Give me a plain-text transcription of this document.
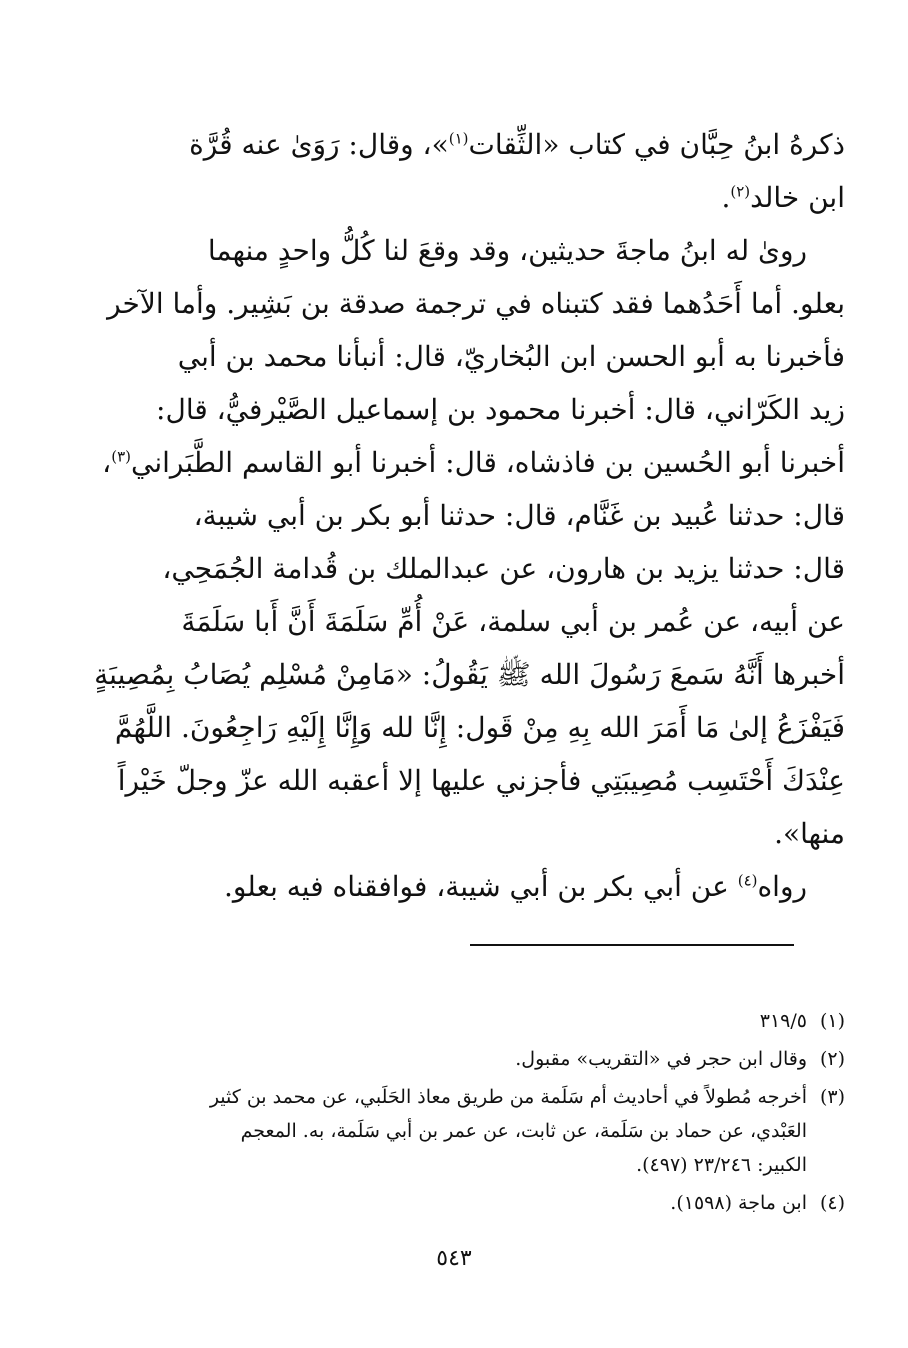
ذكرهُ ابنُ حِبَّان في كتاب «الثِّقات$^{(١)}$»، وقال: رَوَىٰ عنه قُرَّة
ابن خالد$^{(٢)}$.
روىٰ له ابنُ ماجةَ حديثين، وقد وقعَ لنا كُلُّ واحدٍ منهما
بعلو. أما أَحَدُهما فقد كتبناه في ترجمة صدقة بن بَشِير. وأما الآخر
فأخبرنا به أبو الحسن ابن البُخاريّ، قال: أنبأنا محمد بن أبي
زيد الكَرّاني، قال: أخبرنا محمود بن إسماعيل الصَّيْرفيُّ، قال:
أخبرنا أبو الحُسين بن فاذشاه، قال: أخبرنا أبو القاسم الطَّبَراني$^{(٣)}$،
قال: حدثنا عُبيد بن غَنَّام، قال: حدثنا أبو بكر بن أبي شيبة،
قال: حدثنا يزيد بن هارون، عن عبدالملك بن قُدامة الجُمَحِي،
عن أبيه، عن عُمر بن أبي سلمة، عَنْ أُمِّ سَلَمَةَ أَنَّ أَبا سَلَمَةَ
أخبرها أَنَّهُ سَمعَ رَسُولَ الله ﷺ يَقُولُ: «مَامِنْ مُسْلِم يُصَابُ بِمُصِيبَةٍ
فَيَفْزَعُ إلىٰ مَا أَمَرَ الله بِهِ مِنْ قَول: إِنَّا لله وَإِنَّا إِلَيْهِ رَاجِعُونَ. اللَّهُمَّ
عِنْدَكَ أَحْتَسِب مُصِيبَتِي فأجزني عليها إلا أعقبه الله عزّ وجلّ خَيْراً
منها».
رواه$^{(٤)}$ عن أبي بكر بن أبي شيبة، فوافقناه فيه بعلو.
(١)
٣١٩/٥
(٢)
وقال ابن حجر في «التقريب» مقبول.
(٣)
أخرجه مُطولاً في أحاديث أم سَلَمة من طريق معاذ الحَلَبي، عن محمد بن كثير
العَبْدي، عن حماد بن سَلَمة، عن ثابت، عن عمر بن أبي سَلَمة، به. المعجم
الكبير: ٢٣/٢٤٦ (٤٩٧).
(٤)
ابن ماجة (١٥٩٨).
٥٤٣
